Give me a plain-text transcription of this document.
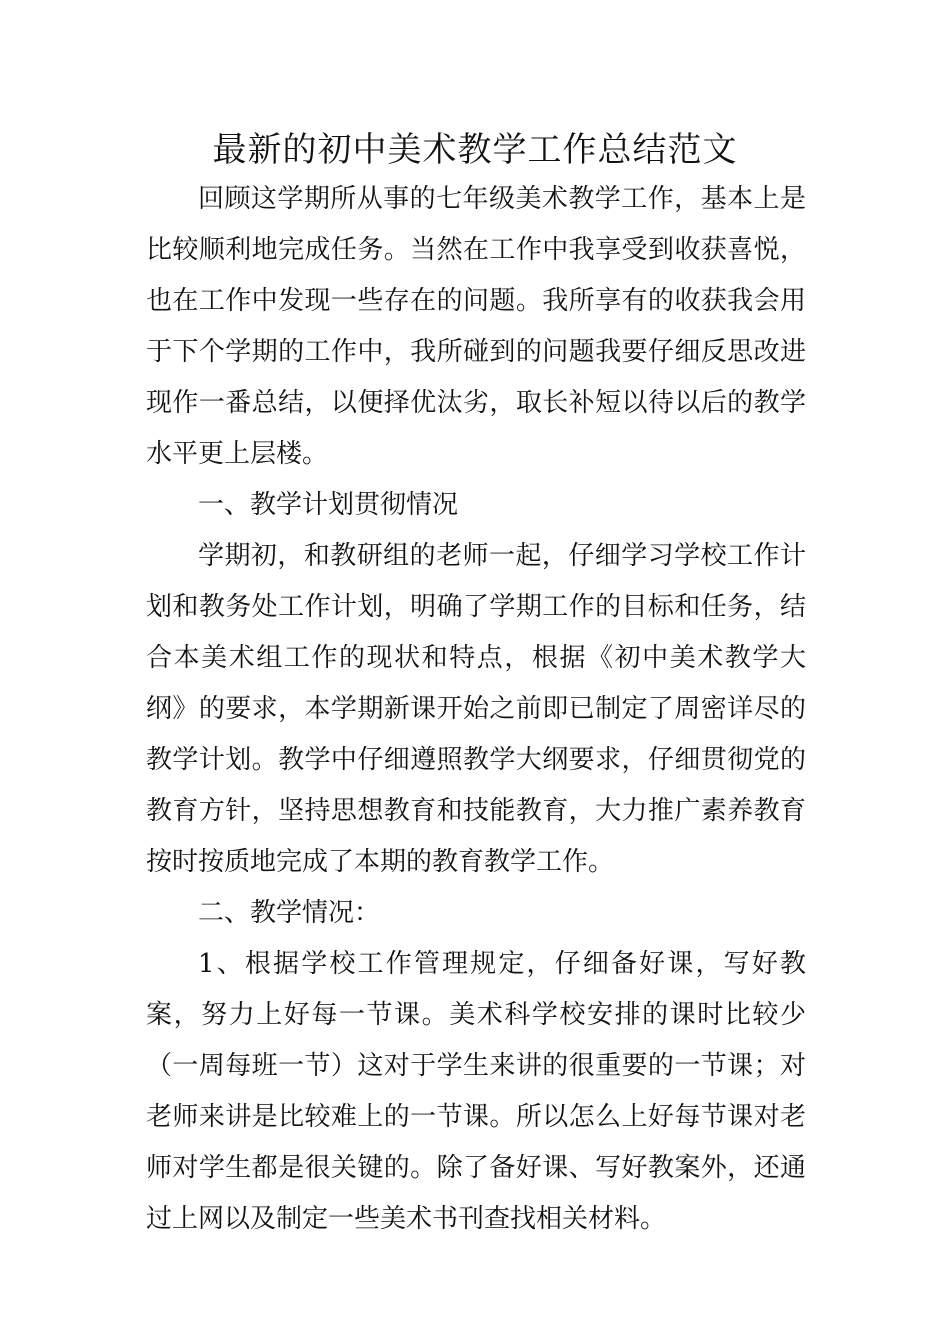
最新的初中美术教学工作总结范文

回顾这学期所从事的七年级美术教学工作，基本上是比较顺利地完成任务。当然在工作中我享受到收获喜悦，也在工作中发现一些存在的问题。我所享有的收获我会用于下个学期的工作中，我所碰到的问题我要仔细反思改进现作一番总结，以便择优汰劣，取长补短以待以后的教学水平更上层楼。

一、教学计划贯彻情况

学期初，和教研组的老师一起，仔细学习学校工作计划和教务处工作计划，明确了学期工作的目标和任务，结合本美术组工作的现状和特点，根据《初中美术教学大纲》的要求，本学期新课开始之前即已制定了周密详尽的教学计划。教学中仔细遵照教学大纲要求，仔细贯彻党的教育方针，坚持思想教育和技能教育，大力推广素养教育按时按质地完成了本期的教育教学工作。

二、教学情况：

1、根据学校工作管理规定，仔细备好课，写好教案，努力上好每一节课。美术科学校安排的课时比较少（一周每班一节）这对于学生来讲的很重要的一节课；对老师来讲是比较难上的一节课。所以怎么上好每节课对老师对学生都是很关键的。除了备好课、写好教案外，还通过上网以及制定一些美术书刊查找相关材料。
